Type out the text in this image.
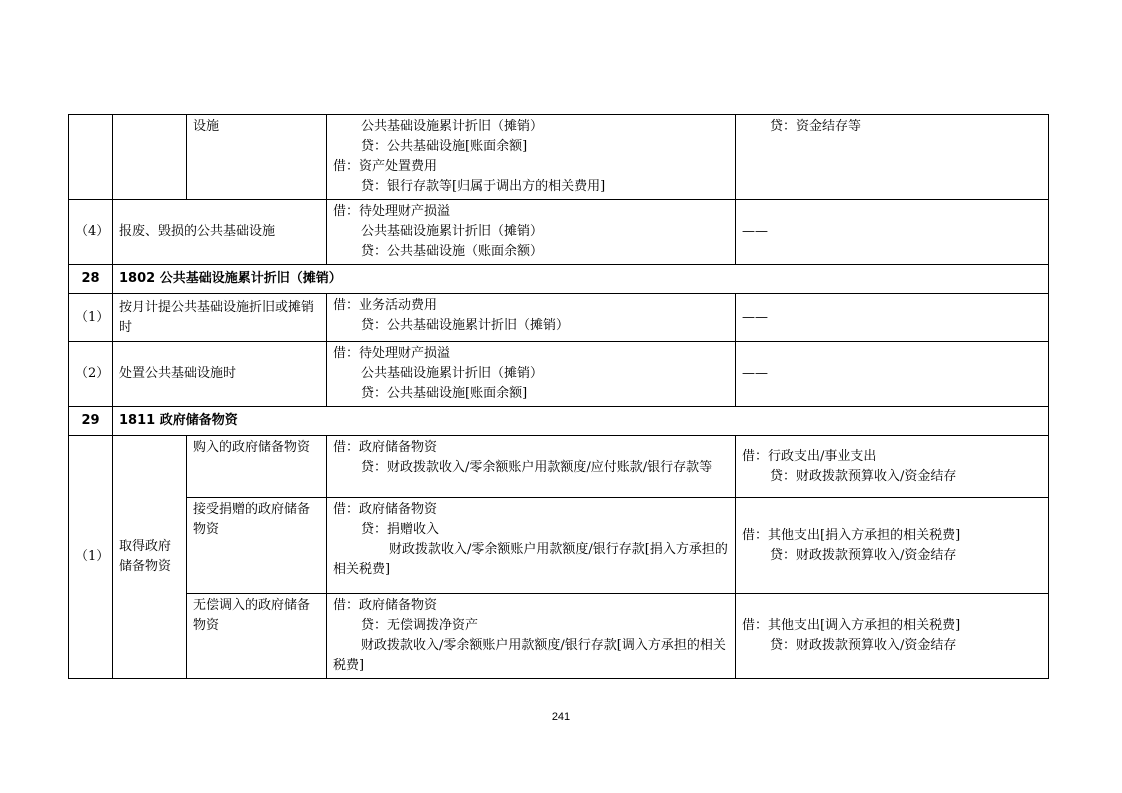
		设施	公共基础设施累计折旧（摊销）
贷：公共基础设施[账面余额]
借：资产处置费用
贷：银行存款等[归属于调出方的相关费用]	贷：资金结存等

（4）	报废、毁损的公共基础设施		借：待处理财产损溢
公共基础设施累计折旧（摊销）
贷：公共基础设施（账面余额）	——
28	1802 公共基础设施累计折旧（摊销）			
（1）	按月计提公共基础设施折旧或摊销时		借：业务活动费用
贷：公共基础设施累计折旧（摊销）	——
（2）	处置公共基础设施时		借：待处理财产损溢
公共基础设施累计折旧（摊销）
贷：公共基础设施[账面余额]	——
29	1811 政府储备物资			
（1）	取得政府储备物资	购入的政府储备物资	借：政府储备物资
贷：财政拨款收入/零余额账户用款额度/应付账款/银行存款等	借：行政支出/事业支出
贷：财政拨款预算收入/资金结存

		接受捐赠的政府储备物资	借：政府储备物资
贷：捐赠收入
财政拨款收入/零余额账户用款额度/银行存款[捐入方承担的相关税费]	借：其他支出[捐入方承担的相关税费]
贷：财政拨款预算收入/资金结存

		无偿调入的政府储备物资	借：政府储备物资
贷：无偿调拨净资产
财政拨款收入/零余额账户用款额度/银行存款[调入方承担的相关税费]	借：其他支出[调入方承担的相关税费]
贷：财政拨款预算收入/资金结存
241
